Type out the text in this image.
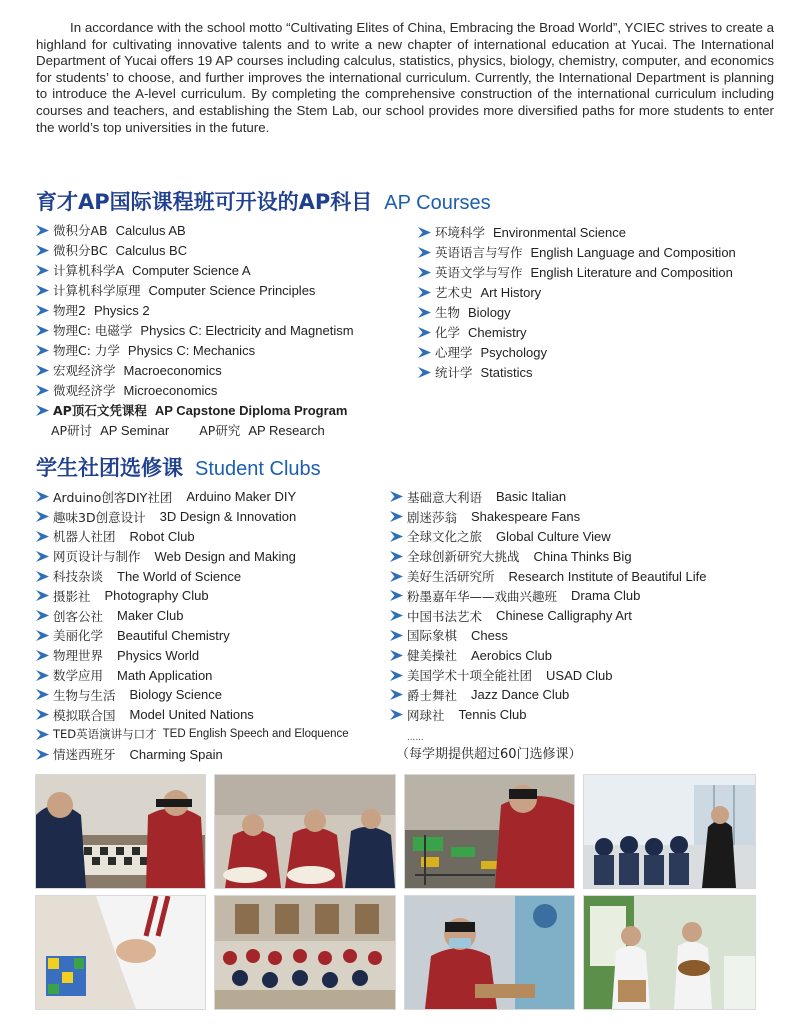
In accordance with the school motto “Cultivating Elites of China, Embracing the Broad World”, YCIEC strives to create a highland for cultivating innovative talents and to write a new chapter of international education at Yucai. The International Department of Yucai offers 19 AP courses including calculus, statistics, physics, biology, chemistry, computer, and economics for students’ to choose, and further improves the international curriculum. Currently, the International Department is planning to introduce the A-level curriculum. By completing the comprehensive construction of the international curriculum including courses and teachers, and establishing the Stem Lab, our school provides more diversified paths for more students to enter the world’s top universities in the future.
育才AP国际课程班可开设的AP科目 AP Courses
微积分AB Calculus AB
微积分BC Calculus BC
计算机科学A Computer Science A
计算机科学原理 Computer Science Principles
物理2 Physics 2
物理C: 电磁学 Physics C: Electricity and Magnetism
物理C: 力学 Physics C: Mechanics
宏观经济学 Macroeconomics
微观经济学 Microeconomics
AP顶石文凭课程 AP Capstone Diploma Program
AP研讨 AP Seminar AP研究 AP Research
环境科学 Environmental Science
英语语言与写作 English Language and Composition
英语文学与写作 English Literature and Composition
艺术史 Art History
生物 Biology
化学 Chemistry
心理学 Psychology
统计学 Statistics
学生社团选修课 Student Clubs
Arduino创客DIY社团 Arduino Maker DIY
趣味3D创意设计 3D Design & Innovation
机器人社团 Robot Club
网页设计与制作 Web Design and Making
科技杂谈 The World of Science
摄影社 Photography Club
创客公社 Maker Club
美丽化学 Beautiful Chemistry
物理世界 Physics World
数学应用 Math Application
生物与生活 Biology Science
模拟联合国 Model United Nations
TED英语演讲与口才 TED English Speech and Eloquence
情迷西班牙 Charming Spain
基础意大利语 Basic Italian
剧迷莎翁 Shakespeare Fans
全球文化之旅 Global Culture View
全球创新研究大挑战 China Thinks Big
美好生活研究所 Research Institute of Beautiful Life
粉墨嘉年华——戏曲兴趣班 Drama Club
中国书法艺术 Chinese Calligraphy Art
国际象棋 Chess
健美操社 Aerobics Club
美国学术十项全能社团 USAD Club
爵士舞社 Jazz Dance Club
网球社 Tennis Club
......
（每学期提供超过60门选修课）
